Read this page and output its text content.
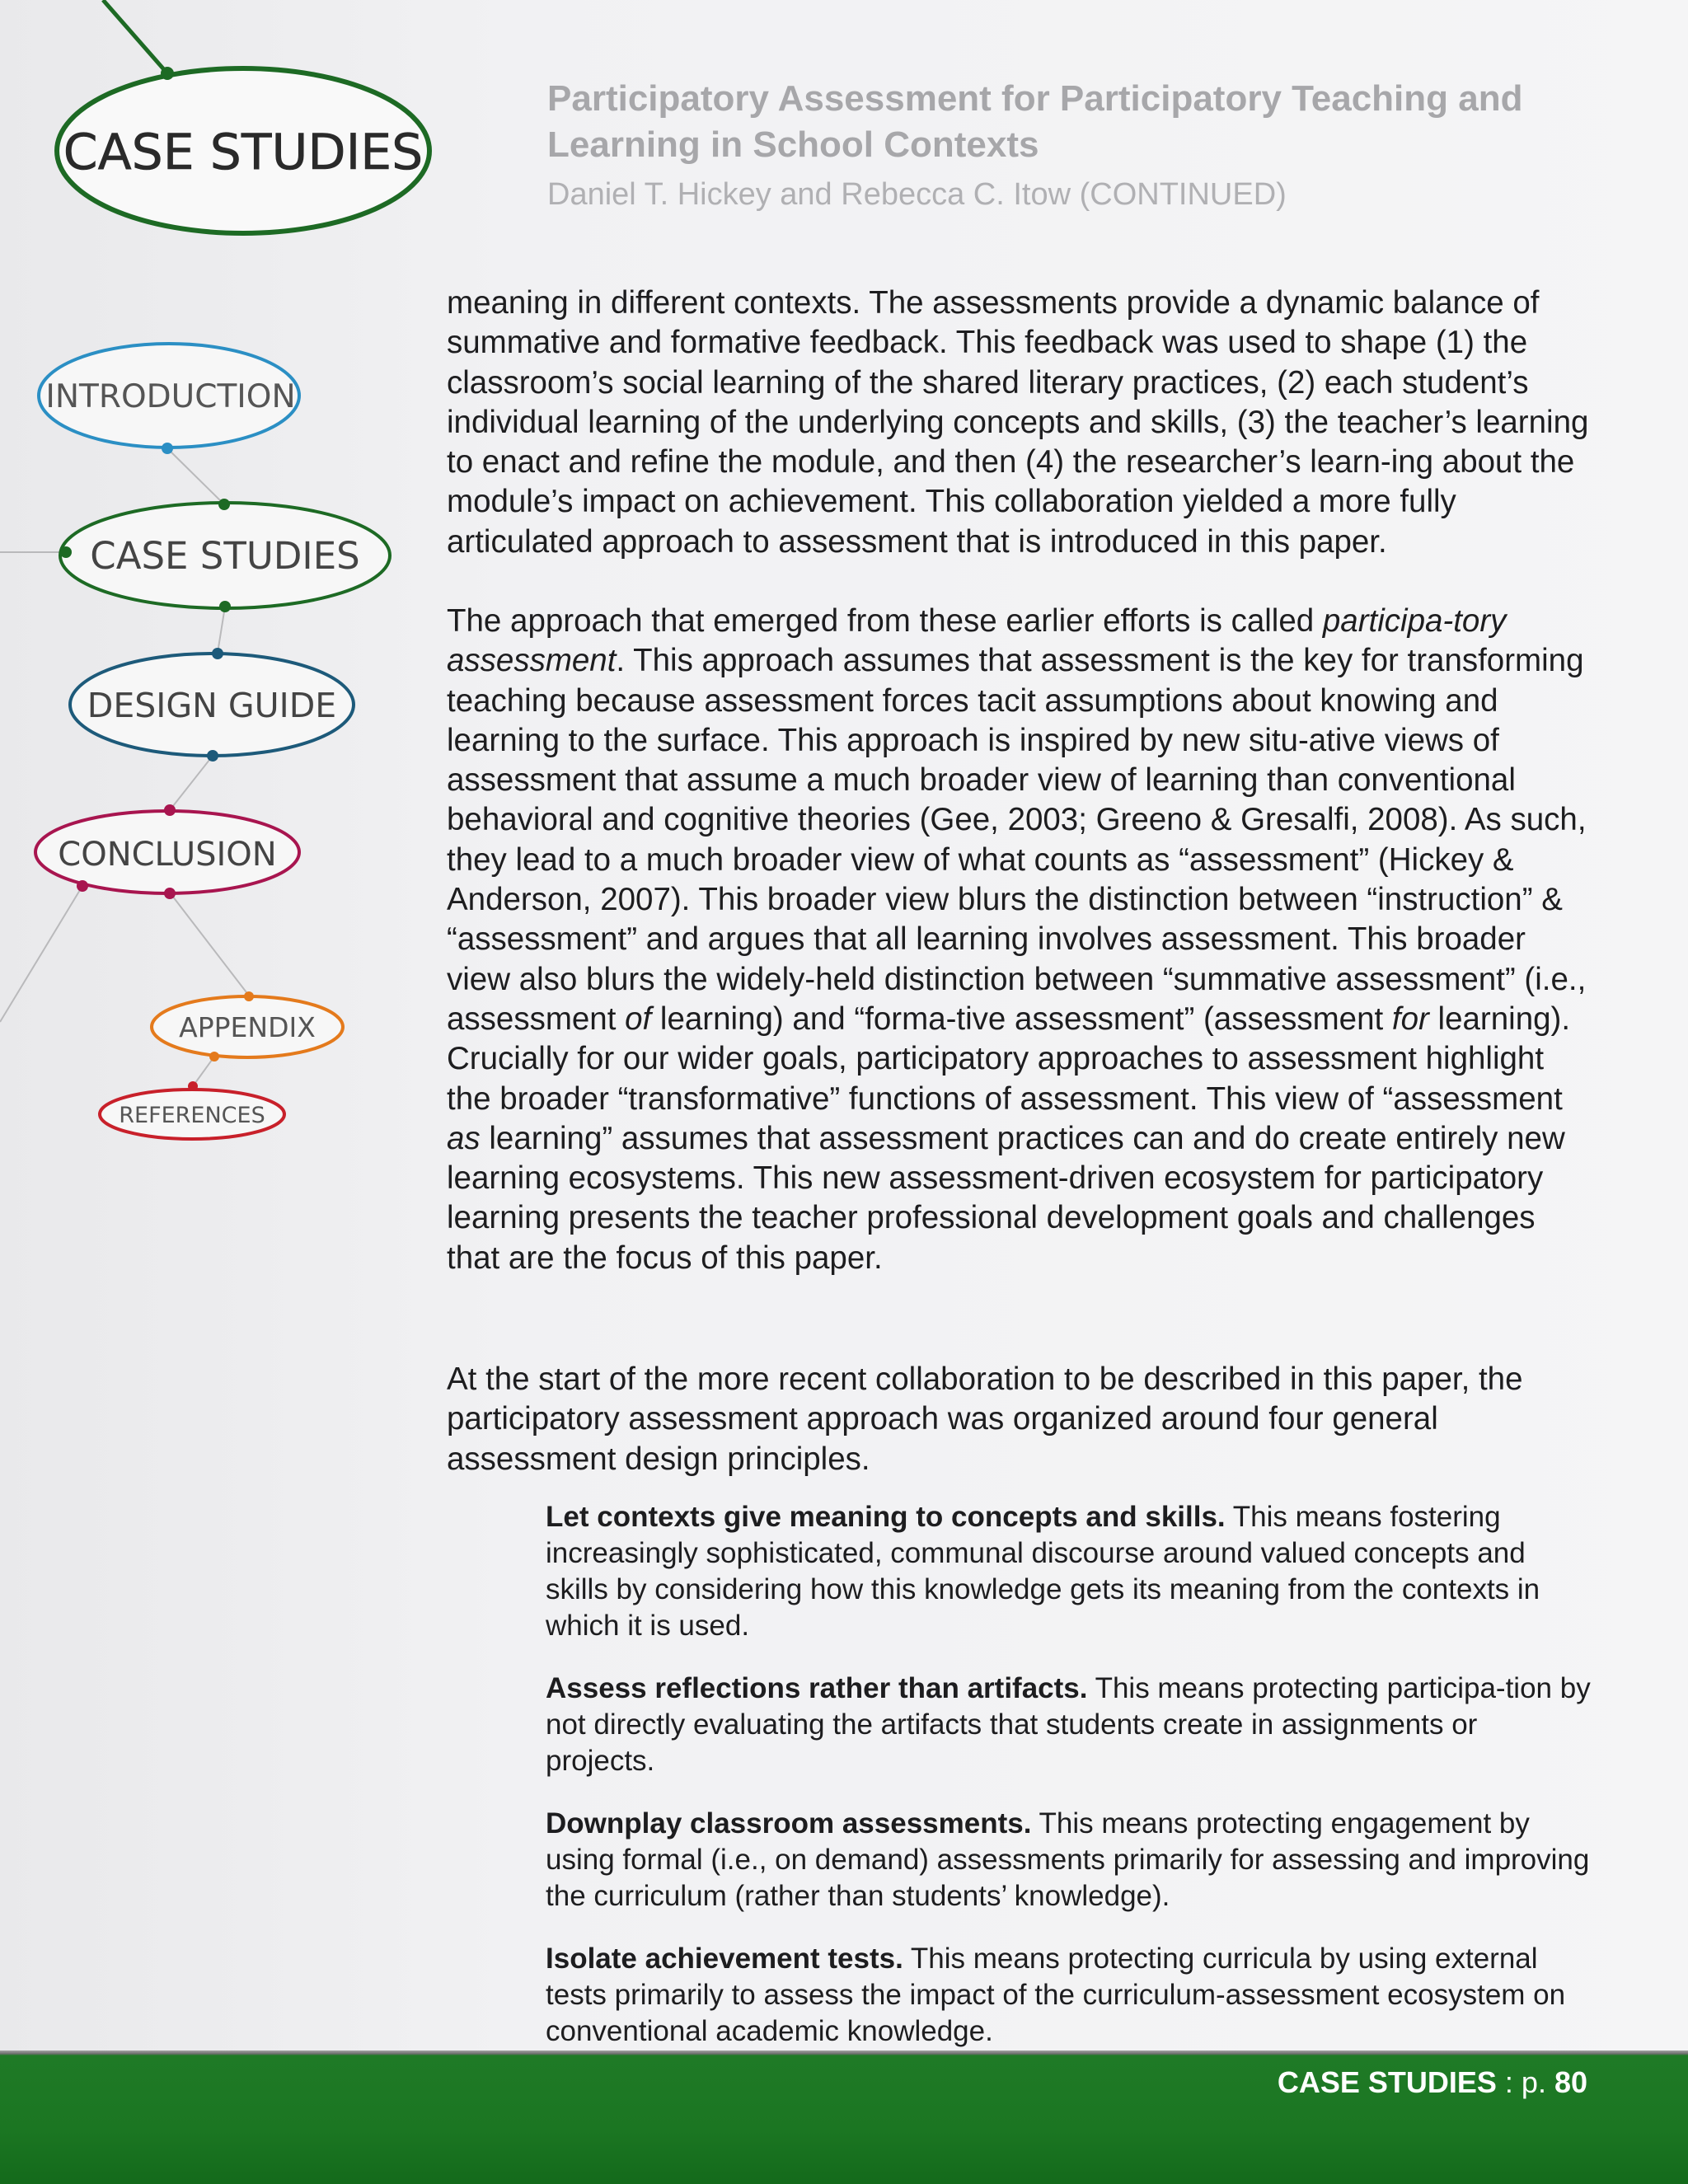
CASE STUDIES
INTRODUCTION
CASE STUDIES
DESIGN GUIDE
CONCLUSION
APPENDIX
REFERENCES
Participatory Assessment for Participatory Teaching and Learning in School Contexts

Daniel T. Hickey and Rebecca C. Itow (CONTINUED)

meaning in different contexts. The assessments provide a dynamic balance of summative and formative feedback. This feedback was used to shape (1) the classroom’s social learning of the shared literary practices, (2) each student’s individual learning of the underlying concepts and skills, (3) the teacher’s learning to enact and refine the module, and then (4) the researcher’s learn-ing about the module’s impact on achievement. This collaboration yielded a more fully articulated approach to assessment that is introduced in this paper.

The approach that emerged from these earlier efforts is called participa-tory assessment. This approach assumes that assessment is the key for transforming teaching because assessment forces tacit assumptions about knowing and learning to the surface. This approach is inspired by new situ-ative views of assessment that assume a much broader view of learning than conventional behavioral and cognitive theories (Gee, 2003; Greeno & Gresalfi, 2008). As such, they lead to a much broader view of what counts as “assessment” (Hickey & Anderson, 2007). This broader view blurs the distinction between “instruction” & “assessment” and argues that all learning involves assessment. This broader view also blurs the widely-held distinction between “summative assessment” (i.e., assessment of learning) and “forma-tive assessment” (assessment for learning). Crucially for our wider goals, participatory approaches to assessment highlight the broader “transformative” functions of assessment. This view of “assessment as learning” assumes that assessment practices can and do create entirely new learning ecosystems. This new assessment-driven ecosystem for participatory learning presents the teacher professional development goals and challenges that are the focus of this paper.

At the start of the more recent collaboration to be described in this paper, the participatory assessment approach was organized around four general assessment design principles.

Let contexts give meaning to concepts and skills. This means fostering increasingly sophisticated, communal discourse around valued concepts and skills by considering how this knowledge gets its meaning from the contexts in which it is used.

Assess reflections rather than artifacts. This means protecting participa-tion by not directly evaluating the artifacts that students create in assignments or projects.

Downplay classroom assessments. This means protecting engagement by using formal (i.e., on demand) assessments primarily for assessing and improving the curriculum (rather than students’ knowledge).

Isolate achievement tests. This means protecting curricula by using external tests primarily to assess the impact of the curriculum-assessment ecosystem on conventional academic knowledge.

CASE STUDIES : p. 80
